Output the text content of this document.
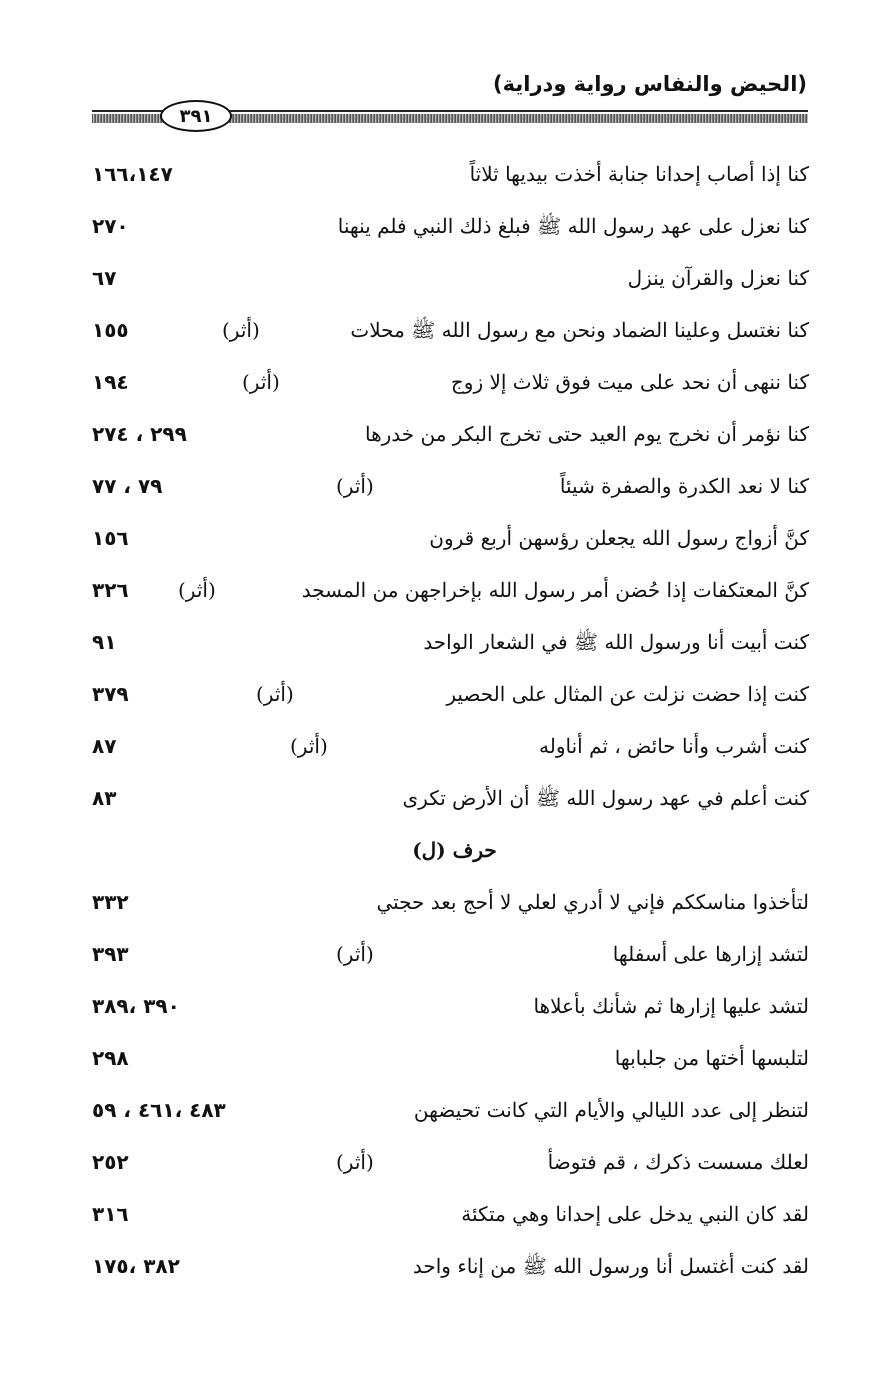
(الحيض والنفاس رواية ودراية)
٣٩١
كنا إذا أصاب إحدانا جنابة أخذت بيديها ثلاثاً
١٦٦،١٤٧
كنا نعزل على عهد رسول الله ﷺ فبلغ ذلك النبي فلم ينهنا
٢٧٠
كنا نعزل والقرآن ينزل
٦٧
كنا نغتسل وعلينا الضماد ونحن مع رسول الله ﷺ محلات
(أثر)
١٥٥
كنا ننهى أن نحد على ميت فوق ثلاث إلا زوج
(أثر)
١٩٤
كنا نؤمر أن نخرج يوم العيد حتى تخرج البكر من خدرها
٢٩٩ ، ٢٧٤
كنا لا نعد الكدرة والصفرة شيئاً
(أثر)
٧٩ ، ٧٧
كنَّ أزواج رسول الله يجعلن رؤسهن أربع قرون
١٥٦
كنَّ المعتكفات إذا حُضن أمر رسول الله بإخراجهن من المسجد
(أثر)
٣٢٦
كنت أبيت أنا ورسول الله ﷺ في الشعار الواحد
٩١
كنت إذا حضت نزلت عن المثال على الحصير
(أثر)
٣٧٩
كنت أشرب وأنا حائض ، ثم أناوله
(أثر)
٨٧
كنت أعلم في عهد رسول الله ﷺ أن الأرض تكرى
٨٣
حرف (ل)
لتأخذوا مناسككم فإني لا أدري لعلي لا أحج بعد حجتي
٣٣٢
لتشد إزارها على أسفلها
(أثر)
٣٩٣
لتشد عليها إزارها ثم شأنك بأعلاها
٣٩٠ ،٣٨٩
لتلبسها أختها من جلبابها
٢٩٨
لتنظر إلى عدد الليالي والأيام التي كانت تحيضهن
٤٨٣ ،٤٦١ ، ٥٩
لعلك مسست ذكرك ، قم فتوضأ
(أثر)
٢٥٢
لقد كان النبي يدخل على إحدانا وهي متكئة
٣١٦
لقد كنت أغتسل أنا ورسول الله ﷺ من إناء واحد
٣٨٢ ،١٧٥
